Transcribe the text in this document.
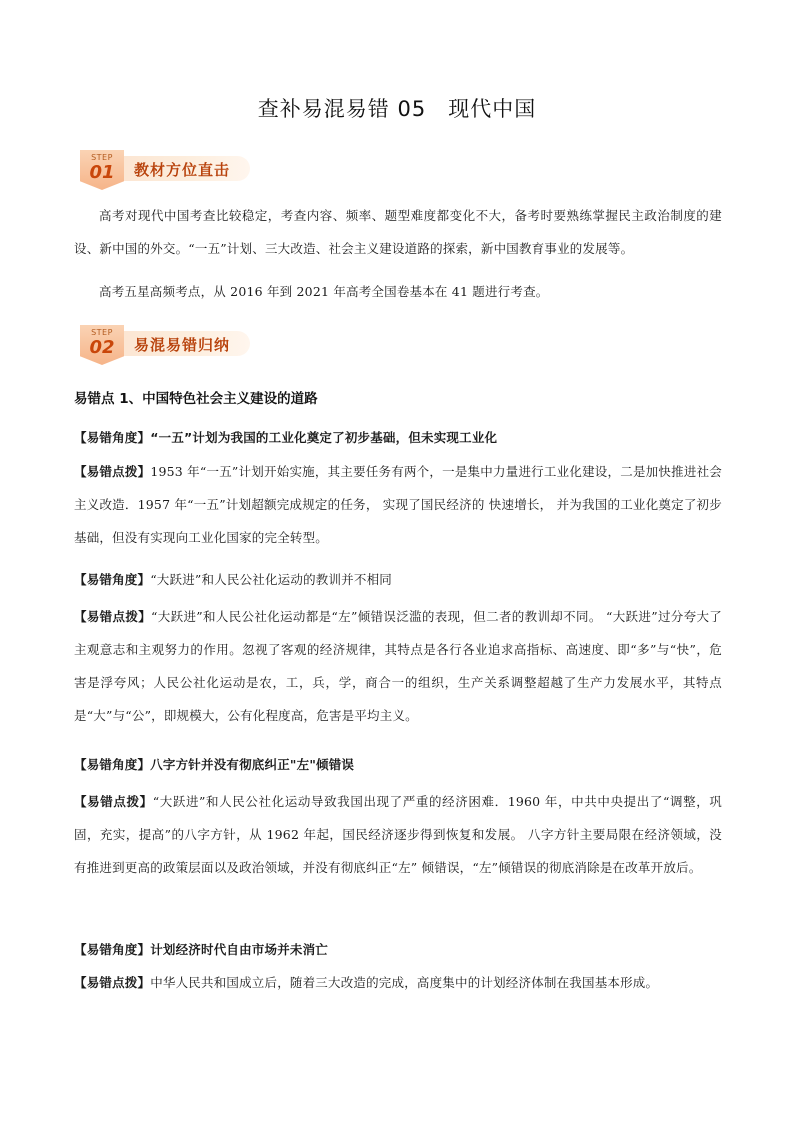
查补易混易错 05 现代中国
STEP
01	教材方位直击
高考对现代中国考查比较稳定，考查内容、频率、题型难度都变化不大，备考时要熟练掌握民主政治制度的建设、新中国的外交。“一五”计划、三大改造、社会主义建设道路的探索，新中国教育事业的发展等。
高考五星高频考点，从 2016 年到 2021 年高考全国卷基本在 41 题进行考查。
STEP
02	易混易错归纳
易错点 1、中国特色社会主义建设的道路
【易错角度】“一五”计划为我国的工业化奠定了初步基础，但未实现工业化
【易错点拨】1953 年“一五”计划开始实施，其主要任务有两个，一是集中力量进行工业化建设，二是加快推进社会主义改造．1957 年“一五”计划超额完成规定的任务， 实现了国民经济的 快速增长， 并为我国的工业化奠定了初步基础，但没有实现向工业化国家的完全转型。
【易错角度】“大跃进”和人民公社化运动的教训并不相同
【易错点拨】“大跃进”和人民公社化运动都是“左”倾错误泛滥的表现，但二者的教训却不同。 “大跃进”过分夸大了主观意志和主观努力的作用。忽视了客观的经济规律，其特点是各行各业追求高指标、高速度、即“多”与“快”，危害是浮夸风；人民公社化运动是农，工，兵，学，商合一的组织，生产关系调整超越了生产力发展水平，其特点是“大”与“公”，即规模大，公有化程度高，危害是平均主义。
【易错角度】八字方针并没有彻底纠正"左"倾错误
【易错点拨】“大跃进”和人民公社化运动导致我国出现了严重的经济困难．1960 年，中共中央提出了“调整，巩固，充实，提高”的八字方针，从 1962 年起，国民经济逐步得到恢复和发展。 八字方针主要局限在经济领域，没有推进到更高的政策层面以及政治领域，并没有彻底纠正“左” 倾错误，“左”倾错误的彻底消除是在改革开放后。
【易错角度】计划经济时代自由市场并未消亡
【易错点拨】中华人民共和国成立后，随着三大改造的完成，高度集中的计划经济体制在我国基本形成。
